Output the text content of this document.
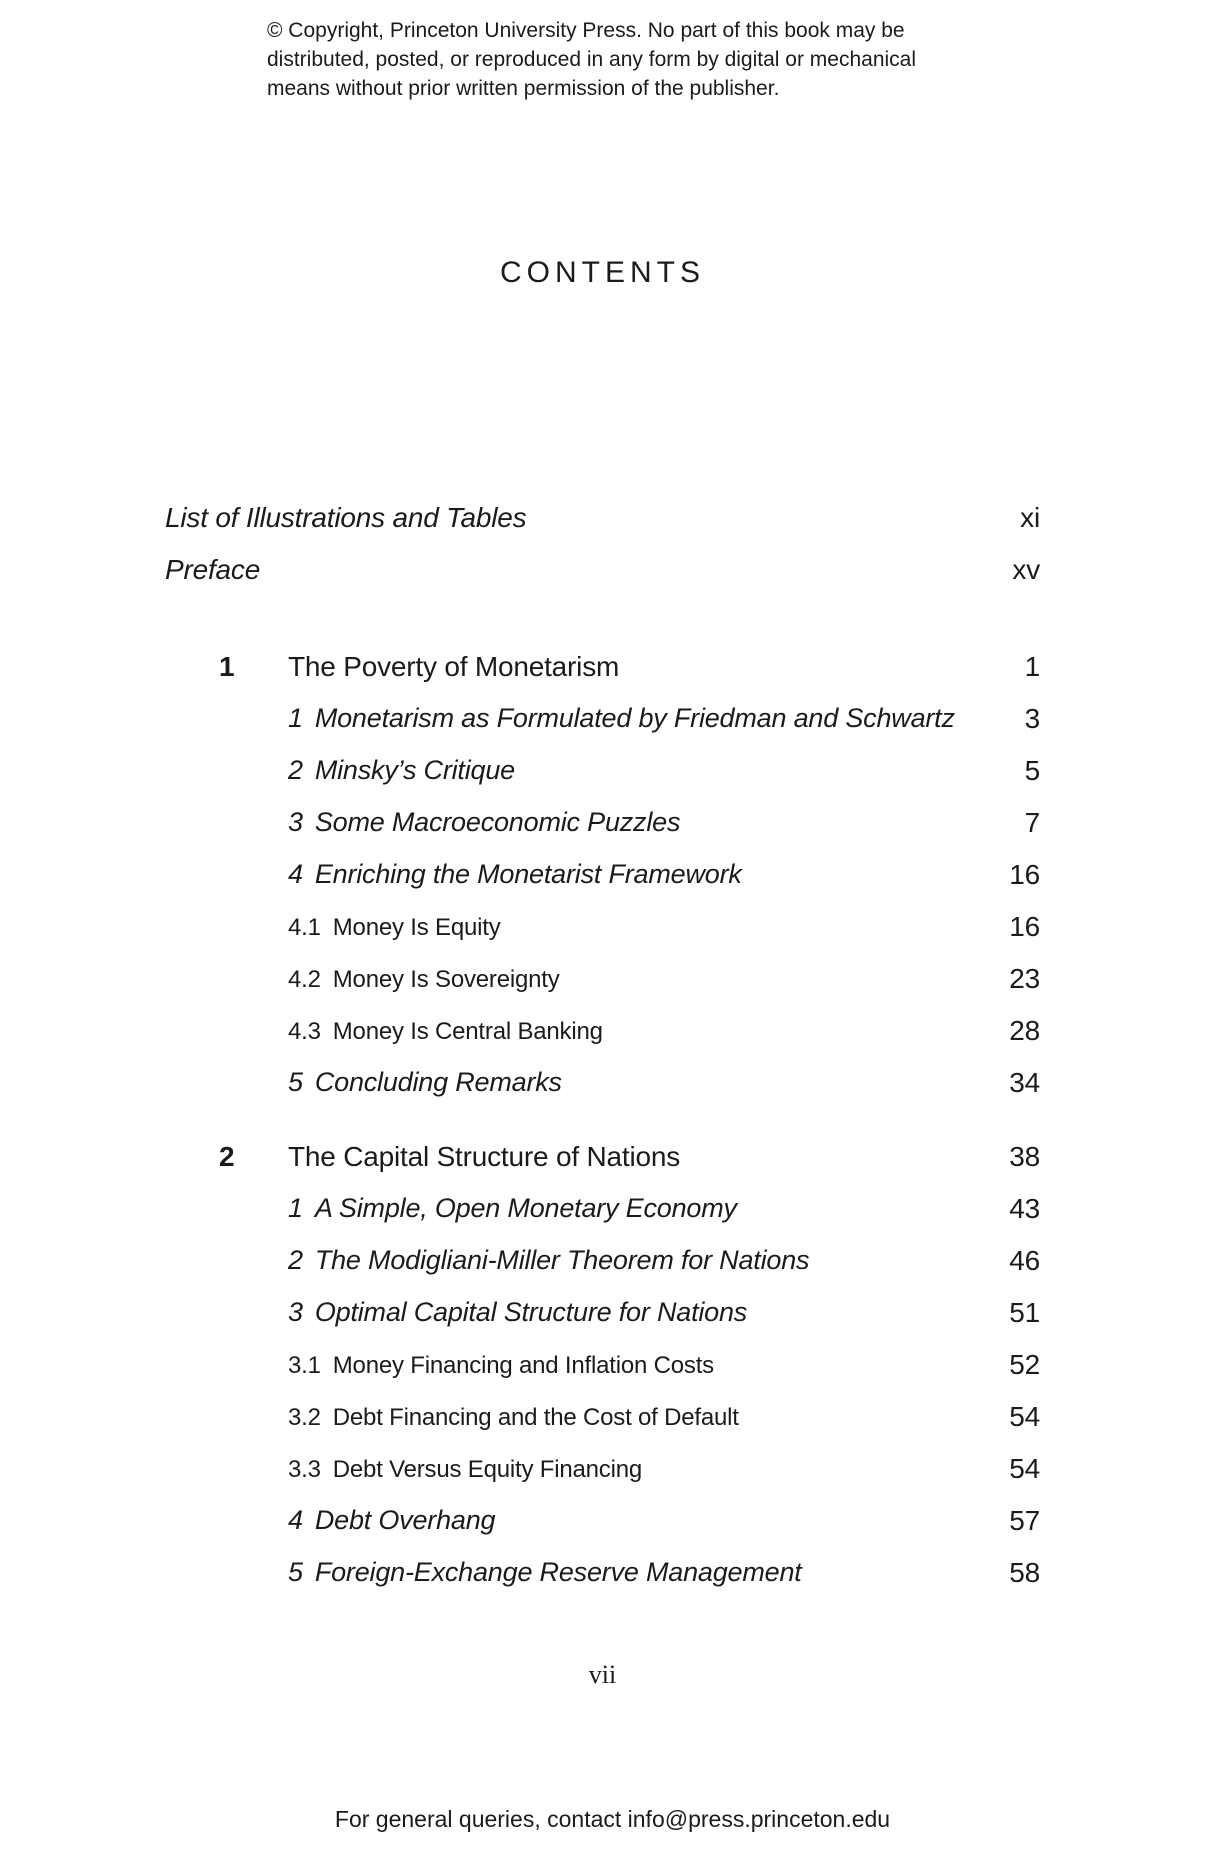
© Copyright, Princeton University Press. No part of this book may be
distributed, posted, or reproduced in any form by digital or mechanical
means without prior written permission of the publisher.
CONTENTS
List of Illustrations and Tables	xi
Preface	xv
1 The Poverty of Monetarism	1
1 Monetarism as Formulated by Friedman and Schwartz 3
2 Minsky’s Critique	5
3 Some Macroeconomic Puzzles	7
4 Enriching the Monetarist Framework	16
4.1 Money Is Equity	16
4.2 Money Is Sovereignty	23
4.3 Money Is Central Banking	28
5 Concluding Remarks	34
2 The Capital Structure of Nations	38
1 A Simple, Open Monetary Economy	43
2 The Modigliani-Miller Theorem for Nations	46
3 Optimal Capital Structure for Nations	51
3.1 Money Financing and Inflation Costs	52
3.2 Debt Financing and the Cost of Default	54
3.3 Debt Versus Equity Financing	54
4 Debt Overhang	57
5 Foreign-Exchange Reserve Management	58
vii
For general queries, contact info@press.princeton.edu
